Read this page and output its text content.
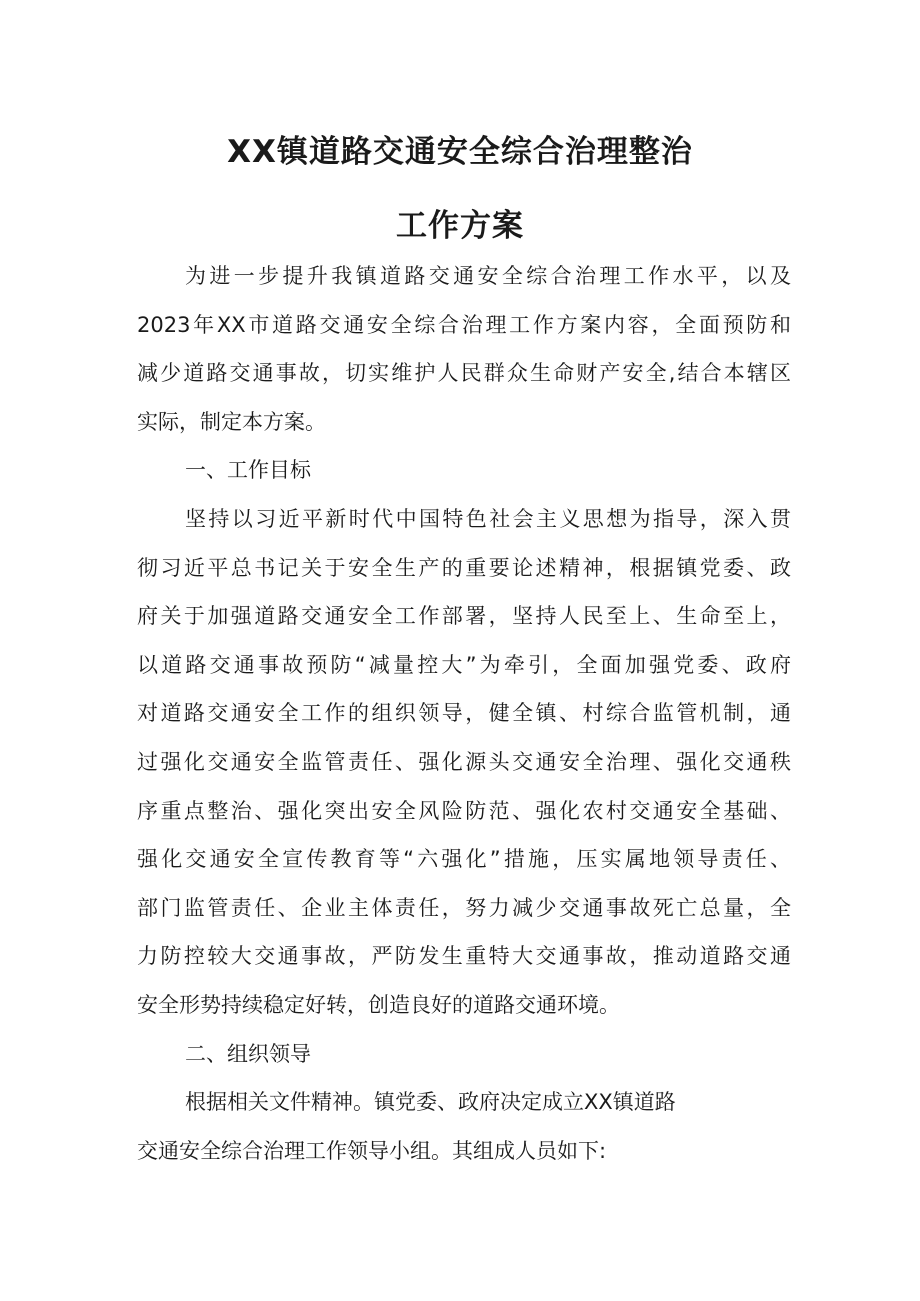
XX镇道路交通安全综合治理整治
工作方案
为进一步提升我镇道路交通安全综合治理工作水平，以及
2023年XX市道路交通安全综合治理工作方案内容，全面预防和
减少道路交通事故，切实维护人民群众生命财产安全,结合本辖区
实际，制定本方案。
一、工作目标
坚持以习近平新时代中国特色社会主义思想为指导，深入贯
彻习近平总书记关于安全生产的重要论述精神，根据镇党委、政
府关于加强道路交通安全工作部署，坚持人民至上、生命至上，
以道路交通事故预防“减量控大”为牵引，全面加强党委、政府
对道路交通安全工作的组织领导，健全镇、村综合监管机制，通
过强化交通安全监管责任、强化源头交通安全治理、强化交通秩
序重点整治、强化突出安全风险防范、强化农村交通安全基础、
强化交通安全宣传教育等“六强化”措施，压实属地领导责任、
部门监管责任、企业主体责任，努力减少交通事故死亡总量，全
力防控较大交通事故，严防发生重特大交通事故，推动道路交通
安全形势持续稳定好转，创造良好的道路交通环境。
二、组织领导
根据相关文件精神。镇党委、政府决定成立XX镇道路
交通安全综合治理工作领导小组。其组成人员如下:
